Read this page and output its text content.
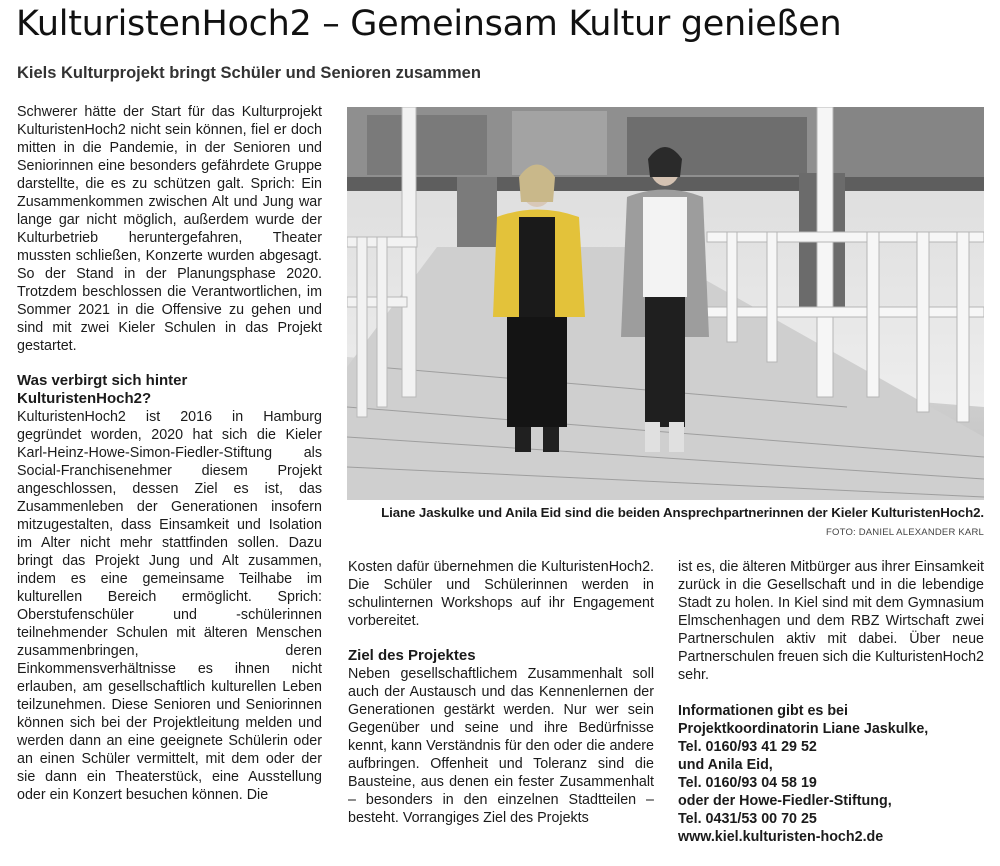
KulturistenHoch2 – Gemeinsam Kultur genießen
Kiels Kulturprojekt bringt Schüler und Senioren zusammen

Schwerer hätte der Start für das Kulturprojekt KulturistenHoch2 nicht sein können, fiel er doch mitten in die Pandemie, in der Senioren und Seniorinnen eine besonders gefährdete Gruppe darstellte, die es zu schützen galt. Sprich: Ein Zusammenkommen zwischen Alt und Jung war lange gar nicht möglich, außerdem wurde der Kulturbetrieb heruntergefahren, Theater mussten schließen, Konzerte wurden abgesagt. So der Stand in der Planungsphase 2020. Trotzdem beschlossen die Verantwortlichen, im Sommer 2021 in die Offensive zu gehen und sind mit zwei Kieler Schulen in das Projekt gestartet.

Was verbirgt sich hinter KulturistenHoch2?

KulturistenHoch2 ist 2016 in Hamburg gegründet worden, 2020 hat sich die Kieler Karl-Heinz-Howe-Simon-Fiedler-Stiftung als Social-Franchisenehmer diesem Projekt angeschlossen, dessen Ziel es ist, das Zusammenleben der Generationen insofern mitzugestalten, dass Einsamkeit und Isolation im Alter nicht mehr stattfinden sollen. Dazu bringt das Projekt Jung und Alt zusammen, indem es eine gemeinsame Teilhabe im kulturellen Bereich ermöglicht. Sprich: Oberstufenschüler und -schülerinnen teilnehmender Schulen mit älteren Menschen zusammenbringen, deren Einkommensverhältnisse es ihnen nicht erlauben, am gesellschaftlich kulturellen Leben teilzunehmen. Diese Senioren und Seniorinnen können sich bei der Projektleitung melden und werden dann an eine geeignete Schülerin oder an einen Schüler vermittelt, mit dem oder der sie dann ein Theaterstück, eine Ausstellung oder ein Konzert besuchen können. Die

Liane Jaskulke und Anila Eid sind die beiden Ansprechpartnerinnen der Kieler KulturistenHoch2.
FOTO: DANIEL ALEXANDER KARL

Kosten dafür übernehmen die KulturistenHoch2. Die Schüler und Schülerinnen werden in schulinternen Workshops auf ihr Engagement vorbereitet.

Ziel des Projektes

Neben gesellschaftlichem Zusammenhalt soll auch der Austausch und das Kennenlernen der Generationen gestärkt werden. Nur wer sein Gegenüber und seine und ihre Bedürfnisse kennt, kann Verständnis für den oder die andere aufbringen. Offenheit und Toleranz sind die Bausteine, aus denen ein fester Zusammenhalt – besonders in den einzelnen Stadtteilen – besteht. Vorrangiges Ziel des Projekts

ist es, die älteren Mitbürger aus ihrer Einsamkeit zurück in die Gesellschaft und in die lebendige Stadt zu holen. In Kiel sind mit dem Gymnasium Elmschenhagen und dem RBZ Wirtschaft zwei Partnerschulen aktiv mit dabei. Über neue Partnerschulen freuen sich die KulturistenHoch2 sehr.

Informationen gibt es bei
Projektkoordinatorin Liane Jaskulke,
Tel. 0160/93 41 29 52
und Anila Eid,
Tel. 0160/93 04 58 19
oder der Howe-Fiedler-Stiftung,
Tel. 0431/53 00 70 25
www.kiel.kulturisten-hoch2.de
